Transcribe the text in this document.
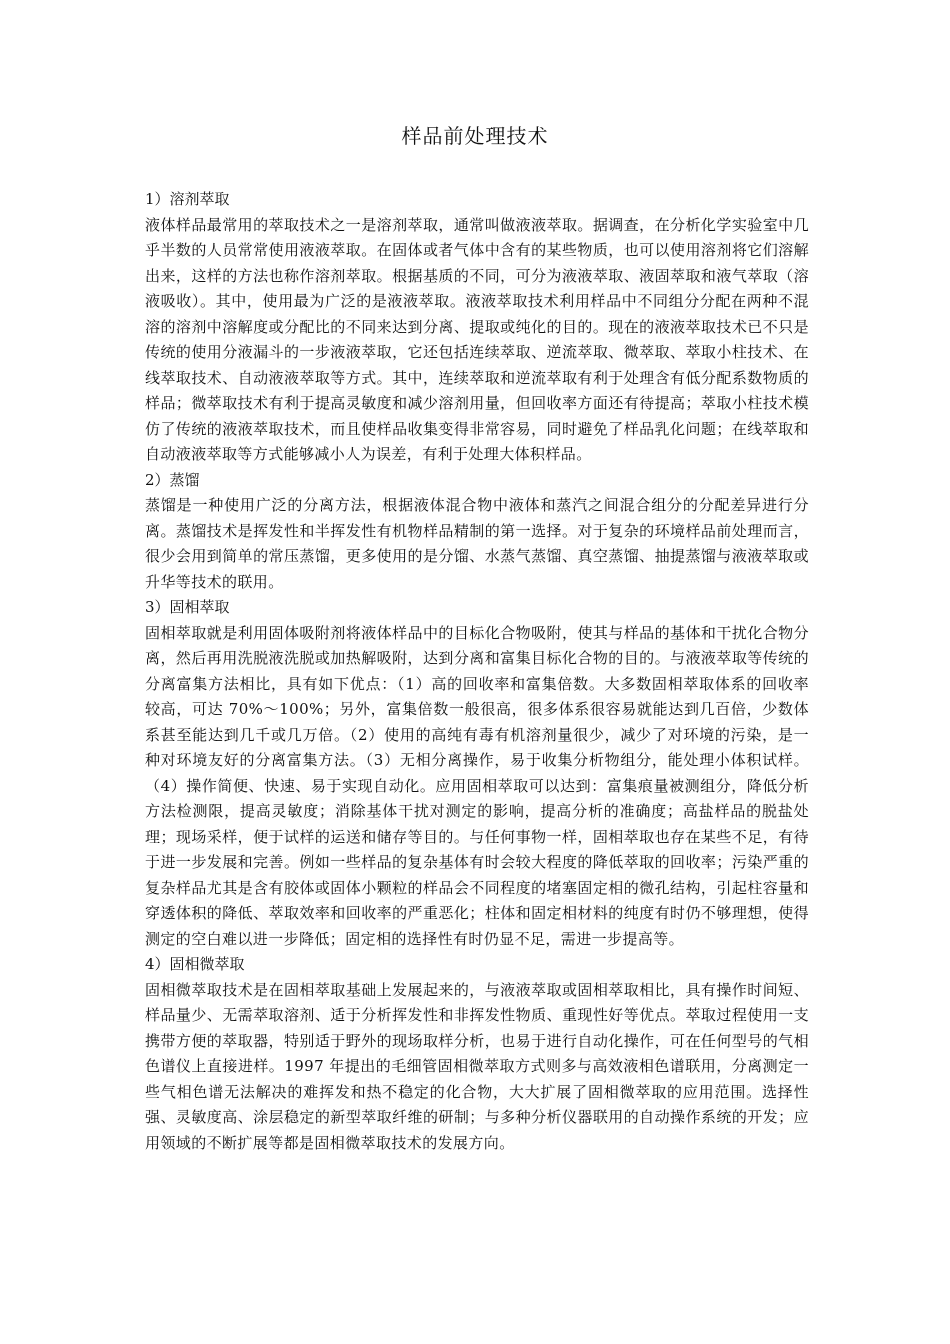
样品前处理技术

1）溶剂萃取

液体样品最常用的萃取技术之一是溶剂萃取，通常叫做液液萃取。据调查，在分析化学实验室中几乎半数的人员常常使用液液萃取。在固体或者气体中含有的某些物质，也可以使用溶剂将它们溶解出来，这样的方法也称作溶剂萃取。根据基质的不同，可分为液液萃取、液固萃取和液气萃取（溶液吸收）。其中，使用最为广泛的是液液萃取。液液萃取技术利用样品中不同组分分配在两种不混溶的溶剂中溶解度或分配比的不同来达到分离、提取或纯化的目的。现在的液液萃取技术已不只是传统的使用分液漏斗的一步液液萃取，它还包括连续萃取、逆流萃取、微萃取、萃取小柱技术、在线萃取技术、自动液液萃取等方式。其中，连续萃取和逆流萃取有利于处理含有低分配系数物质的样品；微萃取技术有利于提高灵敏度和减少溶剂用量，但回收率方面还有待提高；萃取小柱技术模仿了传统的液液萃取技术，而且使样品收集变得非常容易，同时避免了样品乳化问题；在线萃取和自动液液萃取等方式能够减小人为误差，有利于处理大体积样品。

2）蒸馏

蒸馏是一种使用广泛的分离方法，根据液体混合物中液体和蒸汽之间混合组分的分配差异进行分离。蒸馏技术是挥发性和半挥发性有机物样品精制的第一选择。对于复杂的环境样品前处理而言，很少会用到简单的常压蒸馏，更多使用的是分馏、水蒸气蒸馏、真空蒸馏、抽提蒸馏与液液萃取或升华等技术的联用。

3）固相萃取

固相萃取就是利用固体吸附剂将液体样品中的目标化合物吸附，使其与样品的基体和干扰化合物分离，然后再用洗脱液洗脱或加热解吸附，达到分离和富集目标化合物的目的。与液液萃取等传统的分离富集方法相比，具有如下优点：（1）高的回收率和富集倍数。大多数固相萃取体系的回收率较高，可达 70%～100%；另外，富集倍数一般很高，很多体系很容易就能达到几百倍，少数体系甚至能达到几千或几万倍。（2）使用的高纯有毒有机溶剂量很少，减少了对环境的污染，是一种对环境友好的分离富集方法。（3）无相分离操作，易于收集分析物组分，能处理小体积试样。（4）操作简便、快速、易于实现自动化。应用固相萃取可以达到：富集痕量被测组分，降低分析方法检测限，提高灵敏度；消除基体干扰对测定的影响，提高分析的准确度；高盐样品的脱盐处理；现场采样，便于试样的运送和储存等目的。与任何事物一样，固相萃取也存在某些不足，有待于进一步发展和完善。例如一些样品的复杂基体有时会较大程度的降低萃取的回收率；污染严重的复杂样品尤其是含有胶体或固体小颗粒的样品会不同程度的堵塞固定相的微孔结构，引起柱容量和穿透体积的降低、萃取效率和回收率的严重恶化；柱体和固定相材料的纯度有时仍不够理想，使得测定的空白难以进一步降低；固定相的选择性有时仍显不足，需进一步提高等。

4）固相微萃取

固相微萃取技术是在固相萃取基础上发展起来的，与液液萃取或固相萃取相比，具有操作时间短、样品量少、无需萃取溶剂、适于分析挥发性和非挥发性物质、重现性好等优点。萃取过程使用一支携带方便的萃取器，特别适于野外的现场取样分析，也易于进行自动化操作，可在任何型号的气相色谱仪上直接进样。1997 年提出的毛细管固相微萃取方式则多与高效液相色谱联用，分离测定一些气相色谱无法解决的难挥发和热不稳定的化合物，大大扩展了固相微萃取的应用范围。选择性强、灵敏度高、涂层稳定的新型萃取纤维的研制；与多种分析仪器联用的自动操作系统的开发；应用领域的不断扩展等都是固相微萃取技术的发展方向。
